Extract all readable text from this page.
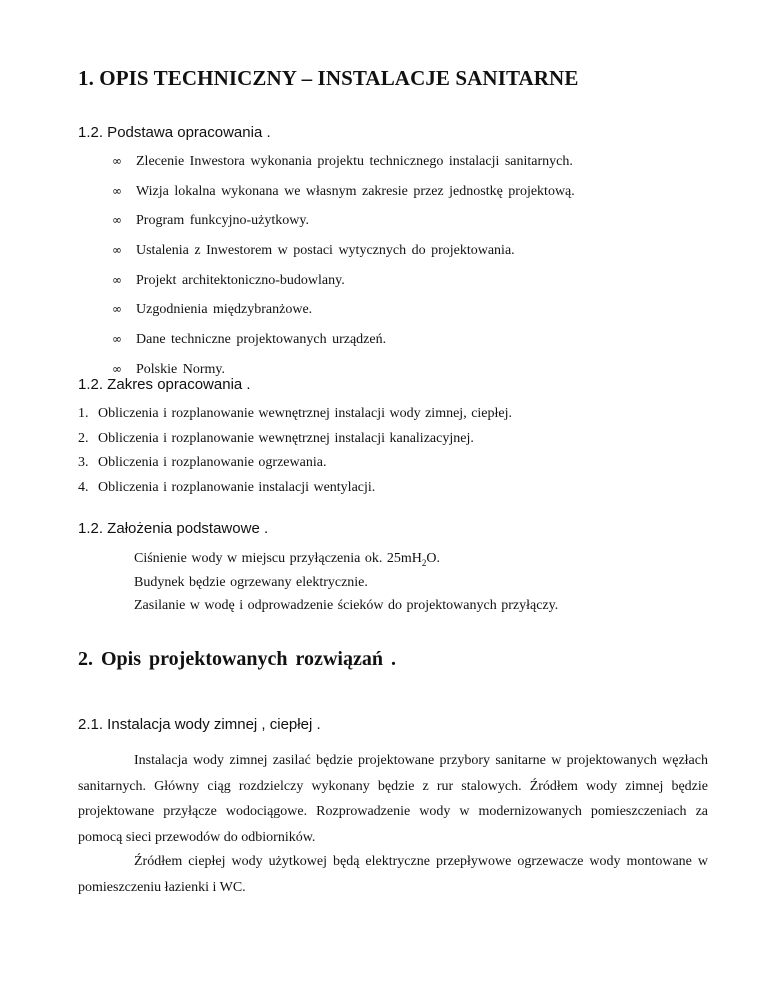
1. OPIS TECHNICZNY – INSTALACJE SANITARNE
1.2. Podstawa opracowania .
∞ Zlecenie Inwestora wykonania projektu technicznego instalacji sanitarnych.
∞ Wizja lokalna wykonana we własnym zakresie przez jednostkę projektową.
∞ Program funkcyjno-użytkowy.
∞ Ustalenia z Inwestorem w postaci wytycznych do projektowania.
∞ Projekt architektoniczno-budowlany.
∞ Uzgodnienia międzybranżowe.
∞ Dane techniczne projektowanych urządzeń.
∞ Polskie Normy.
1.2. Zakres opracowania .
1. Obliczenia i rozplanowanie wewnętrznej instalacji wody zimnej, ciepłej.
2. Obliczenia i rozplanowanie wewnętrznej instalacji kanalizacyjnej.
3. Obliczenia i rozplanowanie ogrzewania.
4. Obliczenia i rozplanowanie instalacji wentylacji.
1.2. Założenia podstawowe .
Ciśnienie wody w miejscu przyłączenia ok. $25mH_2O$.
Budynek będzie ogrzewany elektrycznie.
Zasilanie w wodę i odprowadzenie ścieków do projektowanych przyłączy.
2. Opis projektowanych rozwiązań .
2.1. Instalacja wody zimnej , ciepłej .
Instalacja wody zimnej zasilać będzie projektowane przybory sanitarne w projektowanych węzłach sanitarnych. Główny ciąg rozdzielczy wykonany będzie z rur stalowych. Źródłem wody zimnej będzie projektowane przyłącze wodociągowe. Rozprowadzenie wody w modernizowanych pomieszczeniach za pomocą sieci przewodów do odbiorników.
Źródłem ciepłej wody użytkowej będą elektryczne przepływowe ogrzewacze wody montowane w pomieszczeniu łazienki i WC.
